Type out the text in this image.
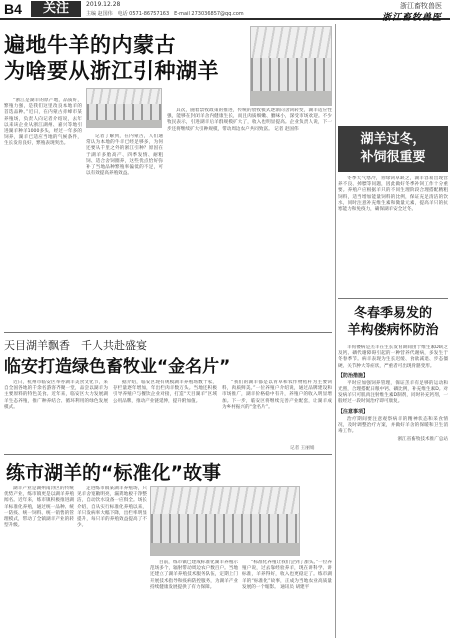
B4	关注	2019.12.28
主编 赵国伟　电话 0571-86757163　E-mail 273036857@qq.com
浙江畜牧兽医
浙江畜牧兽医
遍地牛羊的内蒙古
为啥要从浙江引种湖羊

“浙江是湖羊的原产地，品质好，繁殖力强，是我们这里改良本地羊的首选品种。”近日，在内蒙古赤峰市某养殖场，负责人向记者介绍说，去年以来该企业从浙江湖州、嘉兴等地引进湖羊种羊1000多头，经过一年多的饲养，湖羊已适应当地的气候条件，生长发育良好，繁殖表现突出。

记者了解到，在内蒙古，人们通常认为本地的牛羊已经足够多，为何还要从千里之外的浙江引种？原因在于湖羊多胎高产、四季发情、耐粗饲、适合舍饲圈养，这些优点恰好弥补了当地品种繁殖率偏低的不足，可以有效提高养殖效益。

其次，随着禁牧政策的推进，传统的放牧模式逐渐向舍饲转变，湖羊适应性强，能够在封闭羊舍内健康生长，而且肉质细嫩、膻味小，深受市场欢迎。不少牧民表示，引进湖羊后羊群规模扩大了，收入也明显提高。企业负责人说，下一步还将继续扩大引种规模，带动周边农户共同致富。 记者 赵国伟

天目湖羊飘香　千人共赴盛宴
临安打造绿色畜牧业“金名片”

近日，杭州市临安区举办湖羊美食文化节，来自全国各地的千余名游客齐聚一堂，品尝以湖羊为主要原料的特色美食。近年来，临安区大力发展湖羊生态养殖，推广种养结合、循环利用的绿色发展模式。

据介绍，临安区现有规模湖羊养殖场数十家，存栏量逐年增加，年出栏肉羊数万头。当地还积极引导养殖户与餐饮企业对接，打造“天目湖羊”区域公用品牌，推动产业链延伸，提升附加值。

“我们的湖羊都是以青草和农作物秸秆为主要饲料，肉质鲜美。”一位养殖户介绍说，通过品牌建设和市场推广，湖羊价格稳中有升，养殖户的收入明显增加。下一步，临安区将继续完善产业配套，让湖羊成为乡村振兴的“金名片”。

记者 王丽娟
练市湖羊的“标准化”故事

湖羊产业是湖州南浔区的传统优势产业，练市镇更是以湖羊养殖闻名。近年来，练市镇积极推进湖羊标准化养殖，通过统一品种、统一防疫、统一饲料、统一销售的管理模式，带动了全镇湖羊产业的转型升级。

走进练市镇某湖羊养殖场，只见羊舍宽敞明亮，漏粪地板干净整洁，自动饮水设备一应俱全。场长介绍，自从实行标准化养殖以来，羊只发病率大幅下降，出栏率明显提升，每只羊的养殖效益提高了不少。

目前，练市镇已建成标准化湖羊养殖示范场多个，辐射带动周边农户数百户。当地还建立了湖羊养殖技术服务队伍，定期上门开展技术指导和疫病防控服务，为湖羊产业持续健康发展提供了有力保障。

“标准化养殖让我们尝到了甜头。”一位养殖户说，过去靠经验养羊，现在讲科学、讲标准，羊养得好，收入也更稳定了。练市湖羊的“标准化”故事，正成为当地农业高质量发展的一个缩影。 通讯员 胡建平

湖羊过冬，
补饲很重要

冬季天气寒冷，青绿饲草缺乏，湖羊容易出现营养不良、掉膘等问题，因此做好冬季补饲工作十分重要。养殖户应根据羊只的不同生理阶段合理搭配精粗饲料，适当增加能量饲料的比例，保证充足清洁的饮水，同时注意补充维生素和微量元素，提高羊只的抗寒能力和免疫力，确保湖羊安全过冬。

冬春季易发的
羊构偻病怀防治

羊佝偻病是羔羊在生长发育期间由于维生素D缺乏及钙、磷代谢障碍引起的一种营养代谢病，多发生于冬春季节。病羊表现为生长迟缓、食欲减退、步态僵硬、关节肿大等症状，严重者可出现骨骼变形。

【防治措施】

平时应加强饲养管理，保证羔羊有足够的运动和光照，合理搭配日粮中钙、磷比例，补充维生素D。对发病羊只可肌肉注射维生素D制剂，同时补充钙剂，一般经过一段时间治疗即可康复。

【注意事项】

治疗期间要注意观察病羊的精神状态和采食情况，及时调整治疗方案，并做好羊舍的保暖和卫生消毒工作。

浙江省畜牧技术推广总站
